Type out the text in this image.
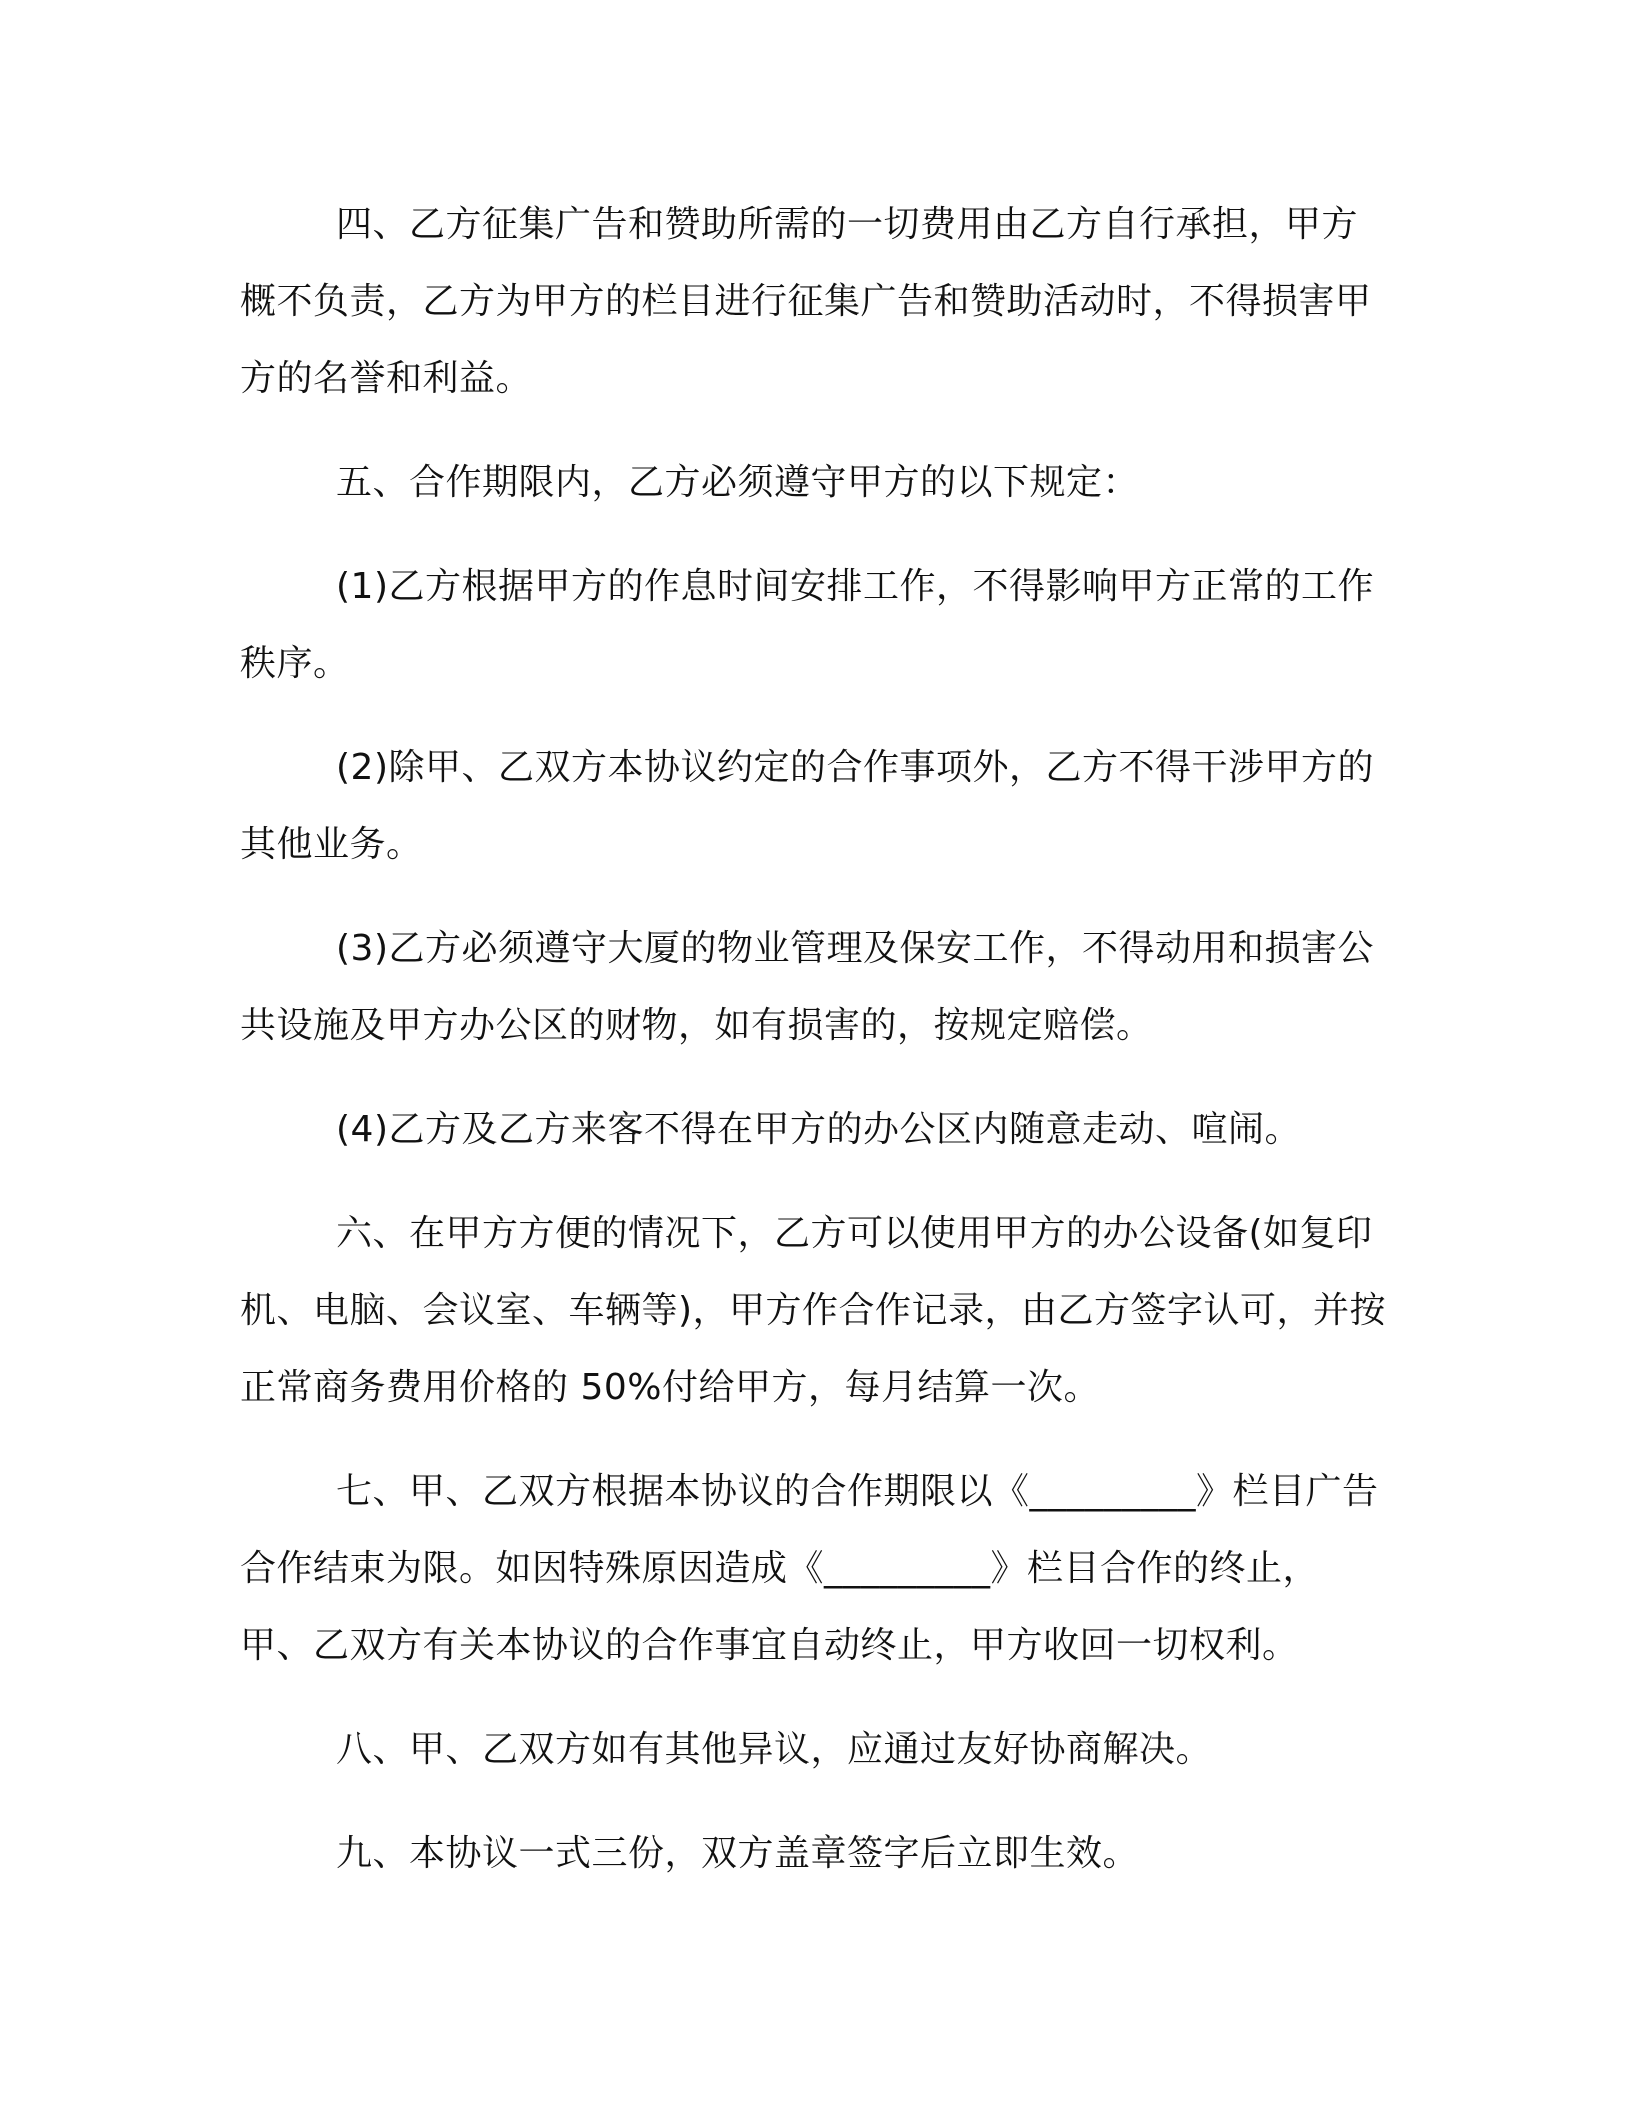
四、乙方征集广告和赞助所需的一切费用由乙方自行承担，甲方概不负责，乙方为甲方的栏目进行征集广告和赞助活动时，不得损害甲方的名誉和利益。

五、合作期限内，乙方必须遵守甲方的以下规定：

(1)乙方根据甲方的作息时间安排工作，不得影响甲方正常的工作秩序。

(2)除甲、乙双方本协议约定的合作事项外，乙方不得干涉甲方的其他业务。

(3)乙方必须遵守大厦的物业管理及保安工作，不得动用和损害公共设施及甲方办公区的财物，如有损害的，按规定赔偿。

(4)乙方及乙方来客不得在甲方的办公区内随意走动、喧闹。

六、在甲方方便的情况下，乙方可以使用甲方的办公设备(如复印机、电脑、会议室、车辆等)，甲方作合作记录，由乙方签字认可，并按正常商务费用价格的 50%付给甲方，每月结算一次。

七、甲、乙双方根据本协议的合作期限以《_________》栏目广告合作结束为限。如因特殊原因造成《_________》栏目合作的终止，甲、乙双方有关本协议的合作事宜自动终止，甲方收回一切权利。

八、甲、乙双方如有其他异议，应通过友好协商解决。

九、本协议一式三份，双方盖章签字后立即生效。
